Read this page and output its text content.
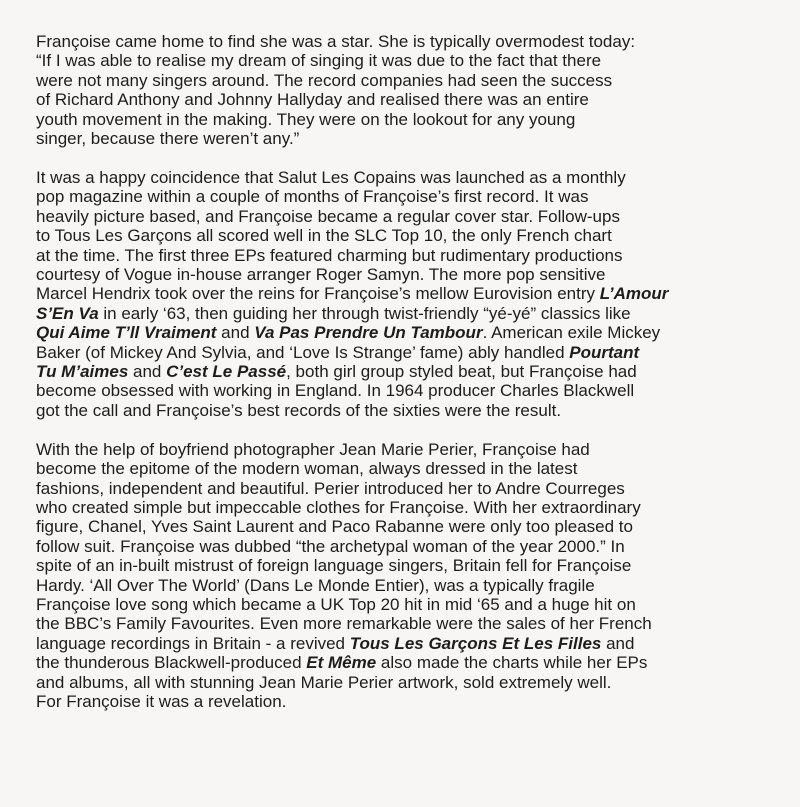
Françoise came home to find she was a star. She is typically overmodest today:
“If I was able to realise my dream of singing it was due to the fact that there
were not many singers around. The record companies had seen the success
of Richard Anthony and Johnny Hallyday and realised there was an entire
youth movement in the making. They were on the lookout for any young
singer, because there weren’t any.”

It was a happy coincidence that Salut Les Copains was launched as a monthly
pop magazine within a couple of months of Françoise’s first record. It was
heavily picture based, and Françoise became a regular cover star. Follow-ups
to Tous Les Garçons all scored well in the SLC Top 10, the only French chart
at the time. The first three EPs featured charming but rudimentary productions
courtesy of Vogue in-house arranger Roger Samyn. The more pop sensitive
Marcel Hendrix took over the reins for Françoise’s mellow Eurovision entry L’Amour
S’En Va in early ‘63, then guiding her through twist-friendly “yé-yé” classics like
Qui Aime T’ll Vraiment and Va Pas Prendre Un Tambour. American exile Mickey
Baker (of Mickey And Sylvia, and ‘Love Is Strange’ fame) ably handled Pourtant
Tu M’aimes and C’est Le Passé, both girl group styled beat, but Françoise had
become obsessed with working in England. In 1964 producer Charles Blackwell
got the call and Françoise’s best records of the sixties were the result.

With the help of boyfriend photographer Jean Marie Perier, Françoise had
become the epitome of the modern woman, always dressed in the latest
fashions, independent and beautiful. Perier introduced her to Andre Courreges
who created simple but impeccable clothes for Françoise. With her extraordinary
figure, Chanel, Yves Saint Laurent and Paco Rabanne were only too pleased to
follow suit. Françoise was dubbed “the archetypal woman of the year 2000.” In
spite of an in-built mistrust of foreign language singers, Britain fell for Françoise
Hardy. ‘All Over The World’ (Dans Le Monde Entier), was a typically fragile
Françoise love song which became a UK Top 20 hit in mid ‘65 and a huge hit on
the BBC’s Family Favourites. Even more remarkable were the sales of her French
language recordings in Britain - a revived Tous Les Garçons Et Les Filles and
the thunderous Blackwell-produced Et Même also made the charts while her EPs
and albums, all with stunning Jean Marie Perier artwork, sold extremely well.
For Françoise it was a revelation.
